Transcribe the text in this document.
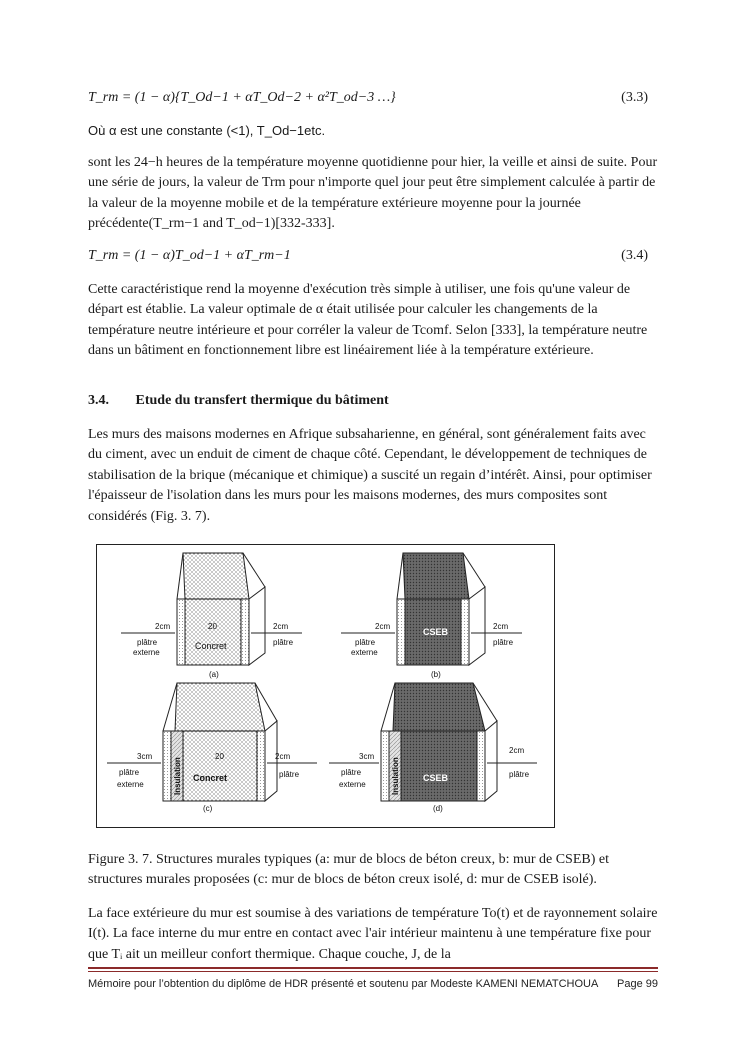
T_rm = (1 − α){T_Od−1 + αT_Od−2 + α²T_od−3 …}	(3.3)
Où α est une constante (<1), T_Od−1etc.
sont les 24−h heures de la température moyenne quotidienne pour hier, la veille et ainsi de suite. Pour une série de jours, la valeur de Trm pour n'importe quel jour peut être simplement calculée à partir de la valeur de la moyenne mobile et de la température extérieure moyenne pour la journée précédente(T_rm−1 and T_od−1)[332-333].
T_rm = (1 − α)T_od−1 + αT_rm−1	(3.4)
Cette caractéristique rend la moyenne d'exécution très simple à utiliser, une fois qu'une valeur de départ est établie. La valeur optimale de α était utilisée pour calculer les changements de la température neutre intérieure et pour corréler la valeur de Tcomf. Selon [333], la température neutre dans un bâtiment en fonctionnement libre est linéairement liée à la température extérieure.
3.4. Etude du transfert thermique du bâtiment
Les murs des maisons modernes en Afrique subsaharienne, en général, sont généralement faits avec du ciment, avec un enduit de ciment de chaque côté. Cependant, le développement de techniques de stabilisation de la brique (mécanique et chimique) a suscité un regain d’intérêt. Ainsi, pour optimiser l'épaisseur de l'isolation dans les murs pour les maisons modernes, des murs composites sont considérés (Fig. 3. 7).
2cm	20	2cm
plâtre
externe
plâtre
Concret
(a)
2cm	2cm
plâtre
externe
plâtre
CSEB
(b)
3cm	20	2cm
plâtre
externe
plâtre
Concret
Insulation
(c)
3cm
2cm
plâtre
externe
plâtre
CSEB
Insulation
(d)
Figure 3. 7. Structures murales typiques (a: mur de blocs de béton creux, b: mur de CSEB) et structures murales proposées (c: mur de blocs de béton creux isolé, d: mur de CSEB isolé).
La face extérieure du mur est soumise à des variations de température To(t) et de rayonnement solaire I(t). La face interne du mur entre en contact avec l'air intérieur maintenu à une température fixe pour que Tᵢ ait un meilleur confort thermique. Chaque couche, J, de la
Mémoire pour l’obtention du diplôme de HDR présenté et soutenu par Modeste KAMENI NEMATCHOUA Page 99
